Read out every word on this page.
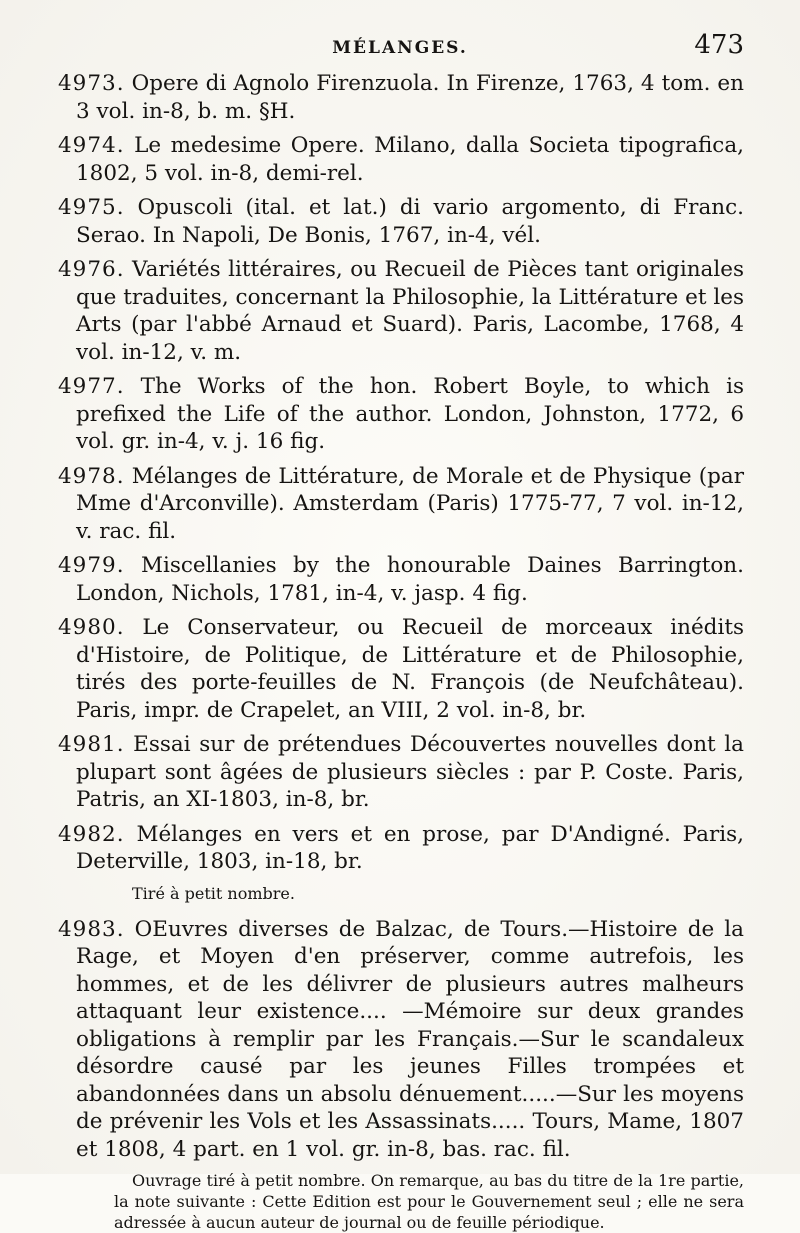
MÉLANGES.	473

4973. Opere di Agnolo Firenzuola. In Firenze, 1763, 4 tom. en 3 vol. in-8, b. m. §H.

4974. Le medesime Opere. Milano, dalla Societa tipografica, 1802, 5 vol. in-8, demi-rel.

4975. Opuscoli (ital. et lat.) di vario argomento, di Franc. Serao. In Napoli, De Bonis, 1767, in-4, vél.

4976. Variétés littéraires, ou Recueil de Pièces tant originales que traduites, concernant la Philosophie, la Littérature et les Arts (par l'abbé Arnaud et Suard). Paris, Lacombe, 1768, 4 vol. in-12, v. m.

4977. The Works of the hon. Robert Boyle, to which is prefixed the Life of the author. London, Johnston, 1772, 6 vol. gr. in-4, v. j. 16 fig.

4978. Mélanges de Littérature, de Morale et de Physique (par Mme d'Arconville). Amsterdam (Paris) 1775-77, 7 vol. in-12, v. rac. fil.

4979. Miscellanies by the honourable Daines Barrington. London, Nichols, 1781, in-4, v. jasp. 4 fig.

4980. Le Conservateur, ou Recueil de morceaux inédits d'Histoire, de Politique, de Littérature et de Philosophie, tirés des porte-feuilles de N. François (de Neufchâteau). Paris, impr. de Crapelet, an VIII, 2 vol. in-8, br.

4981. Essai sur de prétendues Découvertes nouvelles dont la plupart sont âgées de plusieurs siècles : par P. Coste. Paris, Patris, an XI-1803, in-8, br.

4982. Mélanges en vers et en prose, par D'Andigné. Paris, Deterville, 1803, in-18, br.

Tiré à petit nombre.

4983. OEuvres diverses de Balzac, de Tours.—Histoire de la Rage, et Moyen d'en préserver, comme autrefois, les hommes, et de les délivrer de plusieurs autres malheurs attaquant leur existence.... —Mémoire sur deux grandes obligations à remplir par les Français.—Sur le scandaleux désordre causé par les jeunes Filles trompées et abandonnées dans un absolu dénuement.....—Sur les moyens de prévenir les Vols et les Assassinats..... Tours, Mame, 1807 et 1808, 4 part. en 1 vol. gr. in-8, bas. rac. fil.

Ouvrage tiré à petit nombre. On remarque, au bas du titre de la 1re partie, la note suivante : Cette Edition est pour le Gouvernement seul ; elle ne sera adressée à aucun auteur de journal ou de feuille périodique.
